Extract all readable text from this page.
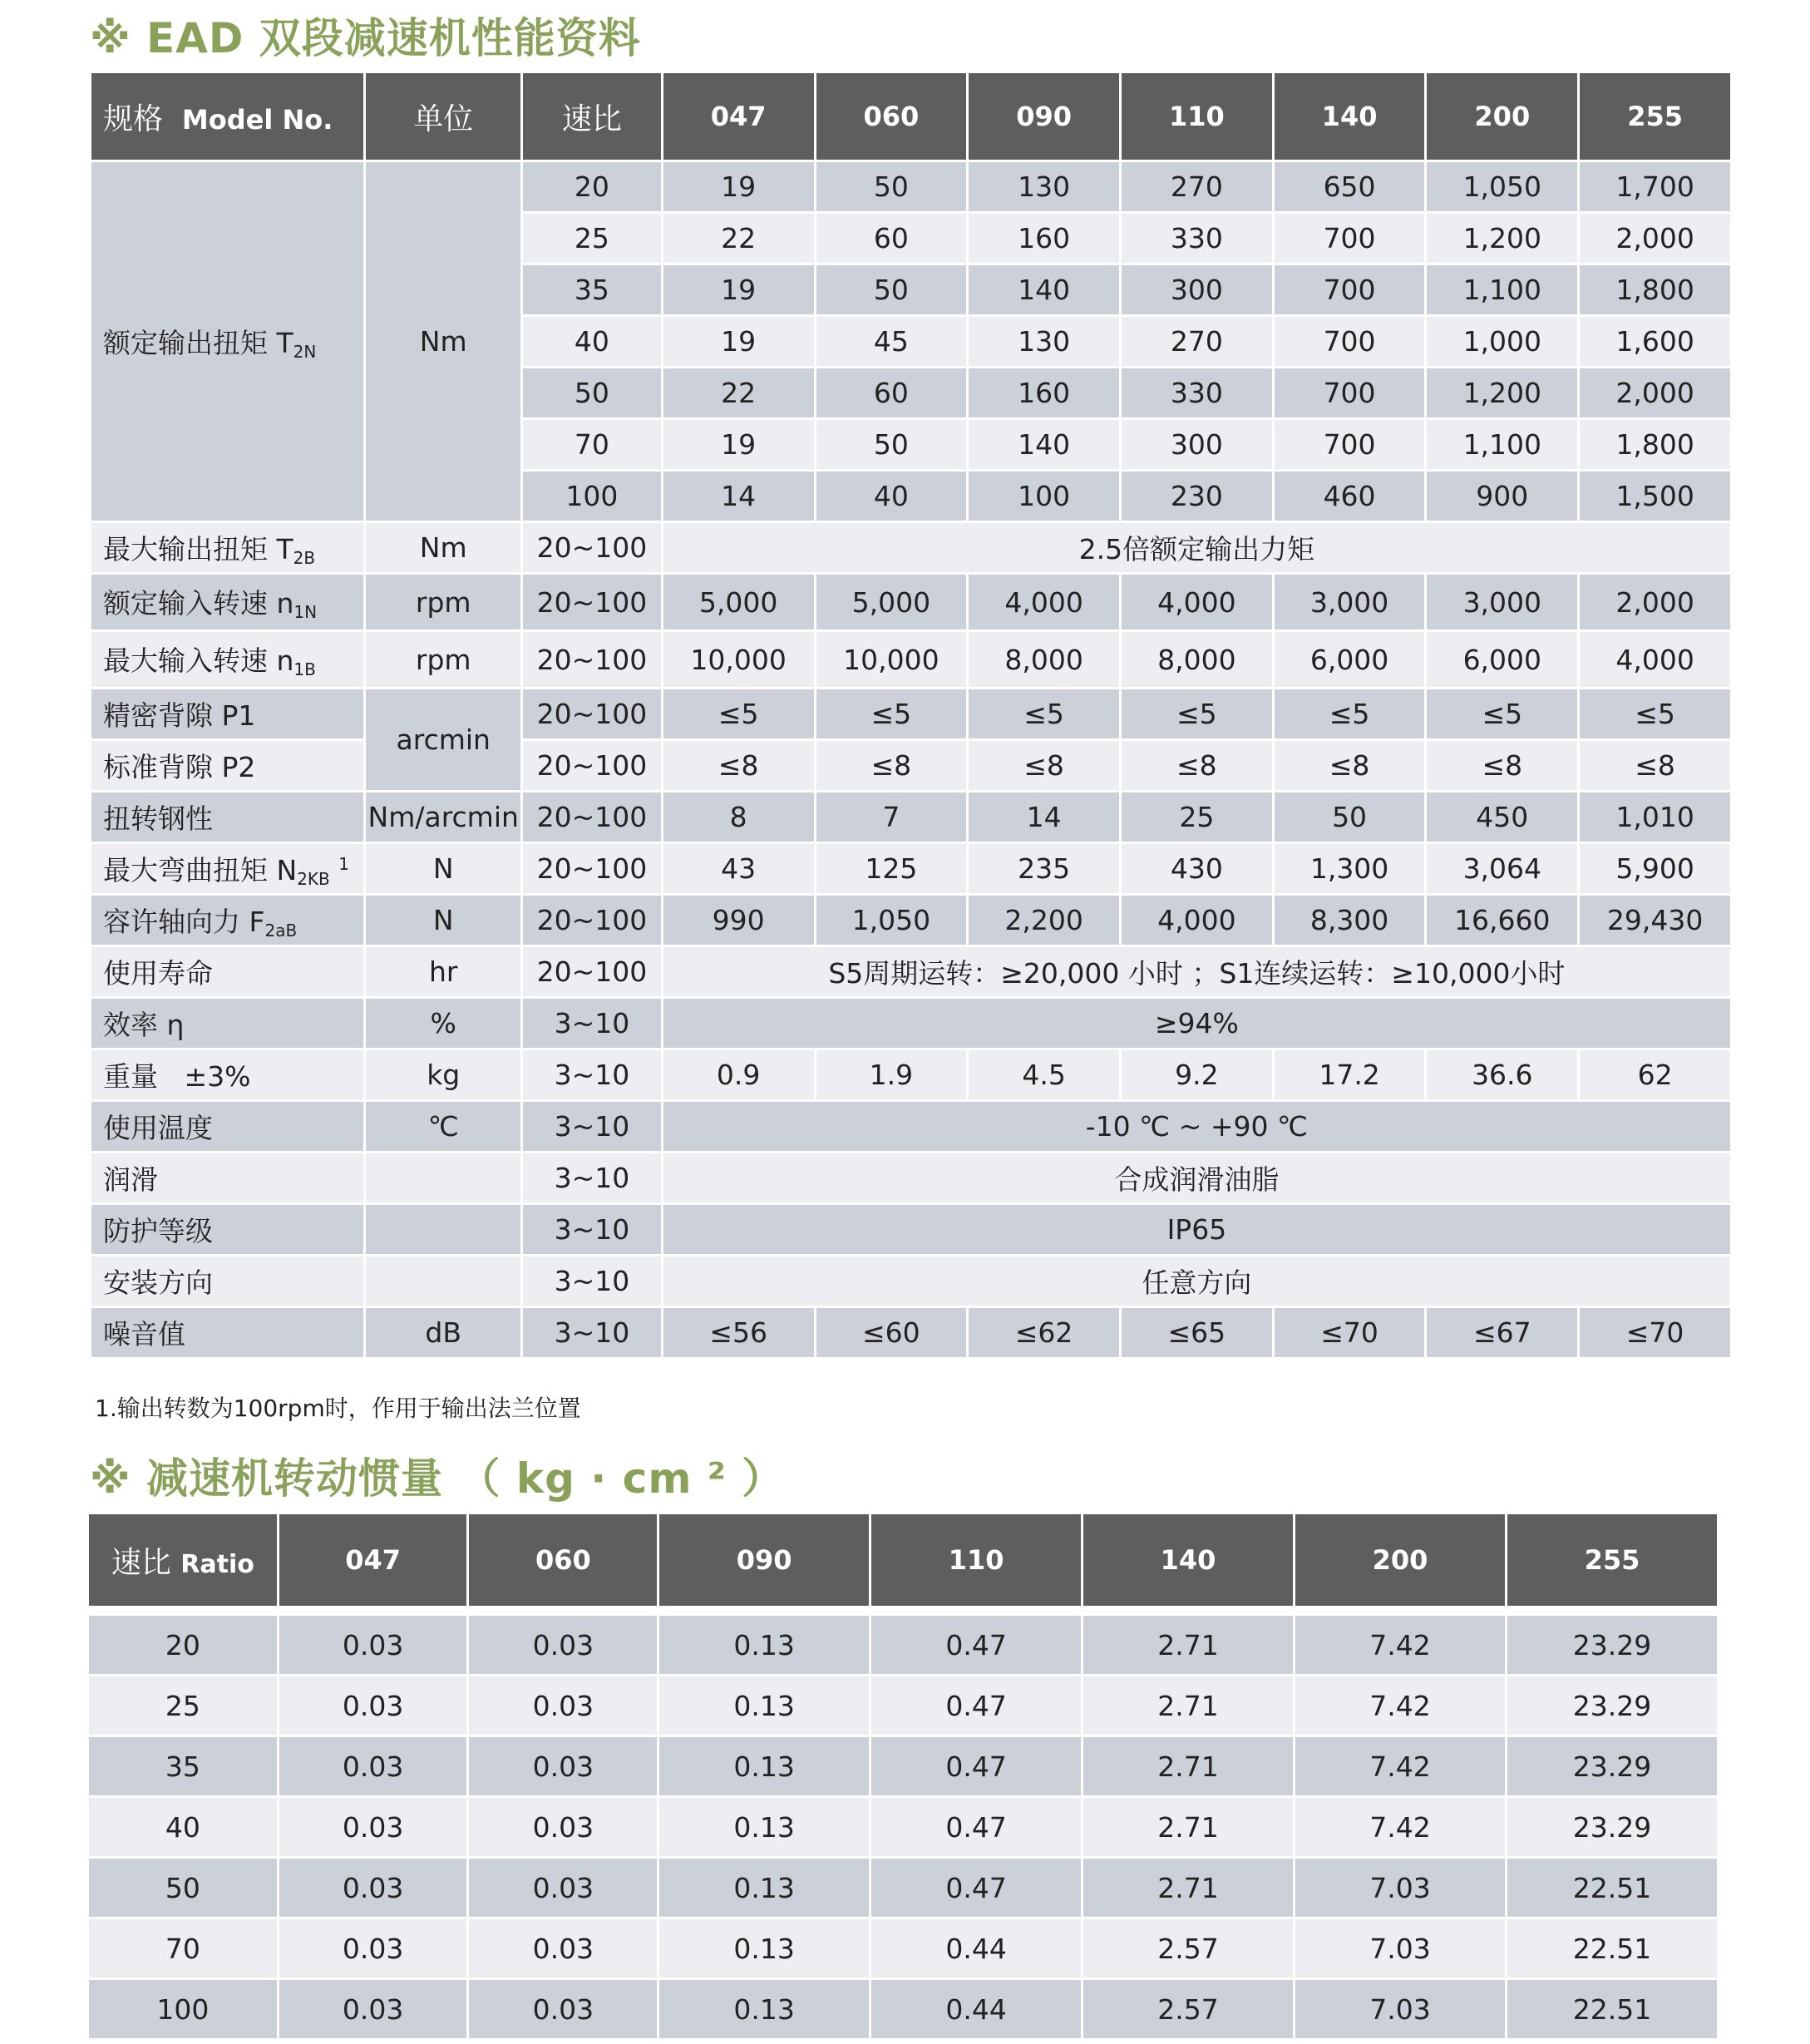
※ EAD 双段减速机性能资料
规格 Model No.	单位	速比	047	060	090	110	140	200	255
额定输出扭矩 $T_{2N}$	Nm	20	19	50	130	270	650	1,050	1,700
		25	22	60	160	330	700	1,200	2,000
		35	19	50	140	300	700	1,100	1,800
		40	19	45	130	270	700	1,000	1,600
		50	22	60	160	330	700	1,200	2,000
		70	19	50	140	300	700	1,100	1,800
		100	14	40	100	230	460	900	1,500
最大输出扭矩 $T_{2B}$	Nm	20~100	2.5倍额定输出力矩						
额定输入转速 $n_{1N}$	rpm	20~100	5,000	5,000	4,000	4,000	3,000	3,000	2,000
最大输入转速 $n_{1B}$	rpm	20~100	10,000	10,000	8,000	8,000	6,000	6,000	4,000
精密背隙 P1	arcmin	20~100	≤5	≤5	≤5	≤5	≤5	≤5	≤5
标准背隙 P2		20~100	≤8	≤8	≤8	≤8	≤8	≤8	≤8
扭转钢性	Nm/arcmin	20~100	8	7	14	25	50	450	1,010
最大弯曲扭矩 $N_{2KB}$ $^1$	N	20~100	43	125	235	430	1,300	3,064	5,900
容许轴向力 $F_{2aB}$	N	20~100	990	1,050	2,200	4,000	8,300	16,660	29,430
使用寿命	hr	20~100	S5周期运转：≥20,000 小时 ；S1连续运转：≥10,000小时						
效率 η	%	3~10	≥94%						
重量   ±3%	kg	3~10	0.9	1.9	4.5	9.2	17.2	36.6	62
使用温度	℃	3~10	-10 ℃ ~ +90 ℃						
润滑		3~10	合成润滑油脂						
防护等级		3~10	IP65						
安装方向		3~10	任意方向						
噪音值	dB	3~10	≤56	≤60	≤62	≤65	≤70	≤67	≤70
1.输出转数为100rpm时，作用于输出法兰位置
※ 减速机转动惯量 （ kg · cm ² ）
速比 Ratio	047	060	090	110	140	200	255

20	0.03	0.03	0.13	0.47	2.71	7.42	23.29
25	0.03	0.03	0.13	0.47	2.71	7.42	23.29
35	0.03	0.03	0.13	0.47	2.71	7.42	23.29
40	0.03	0.03	0.13	0.47	2.71	7.42	23.29
50	0.03	0.03	0.13	0.47	2.71	7.03	22.51
70	0.03	0.03	0.13	0.44	2.57	7.03	22.51
100	0.03	0.03	0.13	0.44	2.57	7.03	22.51
